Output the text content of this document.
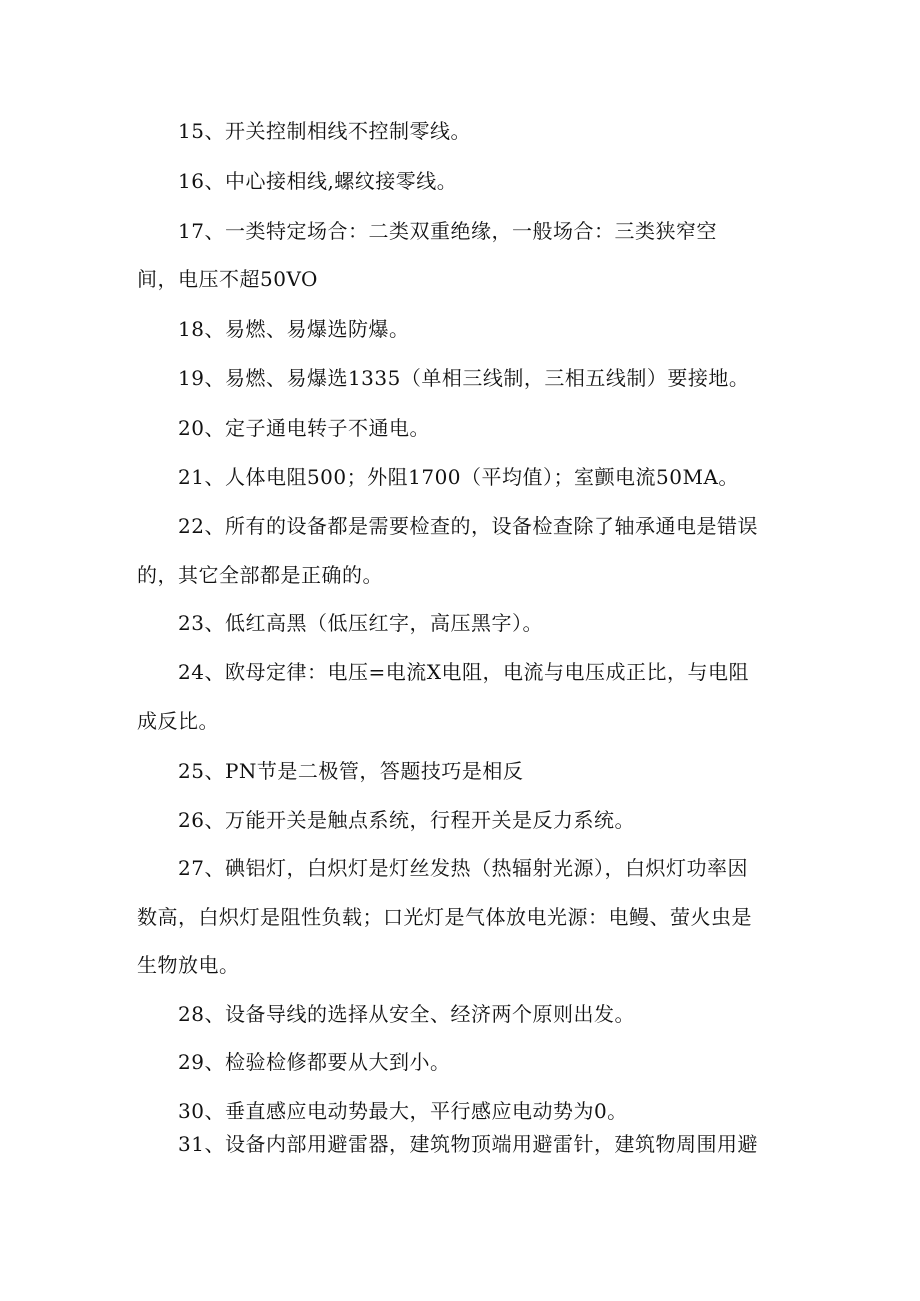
15、开关控制相线不控制零线。
16、中心接相线,螺纹接零线。
17、一类特定场合：二类双重绝缘，一般场合：三类狭窄空
间，电压不超50VO
18、易燃、易爆选防爆。
19、易燃、易爆选1335（单相三线制，三相五线制）要接地。
20、定子通电转子不通电。
21、人体电阻500；外阻1700（平均值）；室颤电流50MA。
22、所有的设备都是需要检查的，设备检查除了轴承通电是错误
的，其它全部都是正确的。
23、低红高黑（低压红字，高压黑字）。
24、欧母定律：电压=电流X电阻，电流与电压成正比，与电阻
成反比。
25、PN节是二极管，答题技巧是相反
26、万能开关是触点系统，行程开关是反力系统。
27、碘铝灯，白炽灯是灯丝发热（热辐射光源），白炽灯功率因
数高，白炽灯是阻性负载；口光灯是气体放电光源：电鳗、萤火虫是
生物放电。
28、设备导线的选择从安全、经济两个原则出发。
29、检验检修都要从大到小。
30、垂直感应电动势最大，平行感应电动势为0。
31、设备内部用避雷器，建筑物顶端用避雷针，建筑物周围用避
